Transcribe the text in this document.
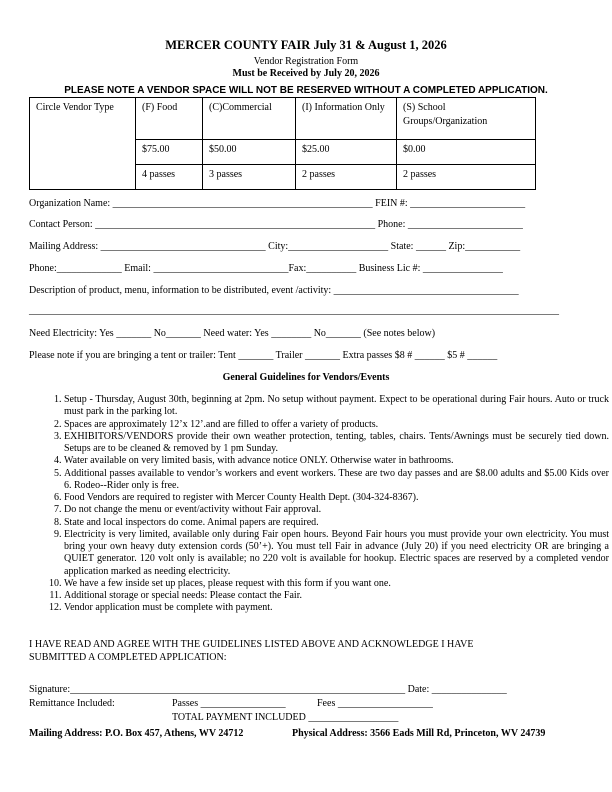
MERCER COUNTY FAIR July 31 & August 1, 2026
Vendor Registration Form
Must be Received by July 20, 2026
PLEASE NOTE A VENDOR SPACE WILL NOT BE RESERVED WITHOUT A COMPLETED APPLICATION.
Circle Vendor Type	(F) Food	(C)Commercial	(I) Information Only	(S) School Groups/Organization
	$75.00	$50.00	$25.00	$0.00
	4 passes	3 passes	2 passes	2 passes
Organization Name: ____________________________________________________ FEIN #: _______________________
Contact Person: ________________________________________________________ Phone: _______________________
Mailing Address: _________________________________ City:____________________ State: ______ Zip:___________
Phone:_____________ Email: ___________________________Fax:__________ Business Lic #: ________________
Description of product, menu, information to be distributed, event /activity: _____________________________________
__________________________________________________________________________________________________________
Need Electricity: Yes _______ No_______ Need water: Yes ________ No_______ (See notes below)
Please note if you are bringing a tent or trailer: Tent _______ Trailer _______ Extra passes $8 # ______ $5 # ______
General Guidelines for Vendors/Events
1. Setup - Thursday, August 30th, beginning at 2pm. No setup without payment. Expect to be operational during Fair hours. Auto or truck must park in the parking lot.
2. Spaces are approximately 12’x 12’.and are filled to offer a variety of products.
3. EXHIBITORS/VENDORS provide their own weather protection, tenting, tables, chairs. Tents/Awnings must be securely tied down. Setups are to be cleaned & removed by 1 pm Sunday.
4. Water available on very limited basis, with advance notice ONLY. Otherwise water in bathrooms.
5. Additional passes available to vendor’s workers and event workers. These are two day passes and are $8.00 adults and $5.00 Kids over 6. Rodeo--Rider only is free.
6. Food Vendors are required to register with Mercer County Health Dept. (304-324-8367).
7. Do not change the menu or event/activity without Fair approval.
8. State and local inspectors do come. Animal papers are required.
9. Electricity is very limited, available only during Fair open hours. Beyond Fair hours you must provide your own electricity. You must bring your own heavy duty extension cords (50’+). You must tell Fair in advance (July 20) if you need electricity OR are bringing a QUIET generator. 120 volt only is available; no 220 volt is available for hookup. Electric spaces are reserved by a completed vendor application marked as needing electricity.
10. We have a few inside set up places, please request with this form if you want one.
11. Additional storage or special needs: Please contact the Fair.
12. Vendor application must be complete with payment.
I HAVE READ AND AGREE WITH THE GUIDELINES LISTED ABOVE AND ACKNOWLEDGE I HAVE
SUBMITTED A COMPLETED APPLICATION:
Signature:___________________________________________________________________ Date: _______________
Remittance Included:	Passes _________________	Fees ___________________
TOTAL PAYMENT INCLUDED __________________
Mailing Address: P.O. Box 457, Athens, WV 24712	Physical Address: 3566 Eads Mill Rd, Princeton, WV 24739
